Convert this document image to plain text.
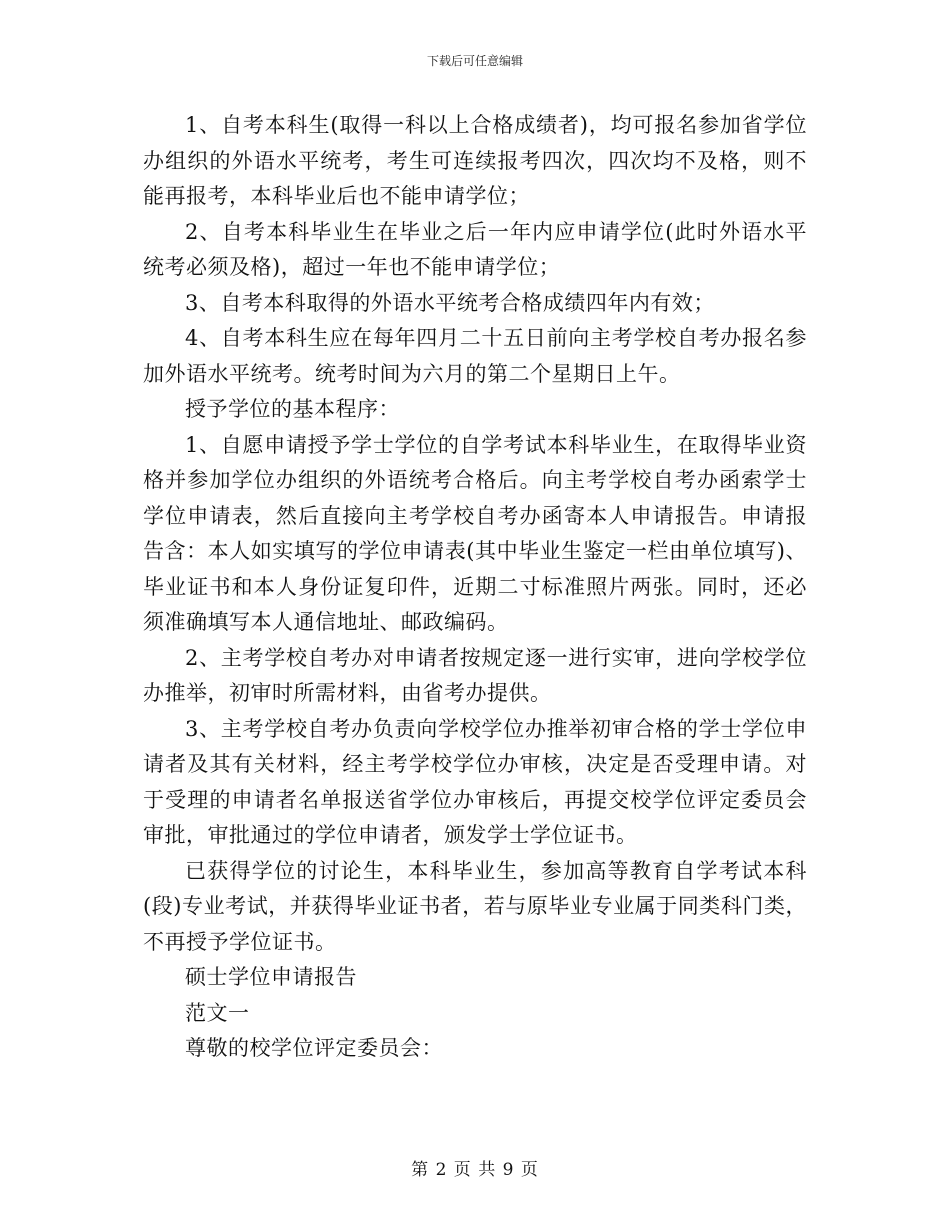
下载后可任意编辑

1、自考本科生(取得一科以上合格成绩者)，均可报名参加省学位办组织的外语水平统考，考生可连续报考四次，四次均不及格，则不能再报考，本科毕业后也不能申请学位；

2、自考本科毕业生在毕业之后一年内应申请学位(此时外语水平统考必须及格)，超过一年也不能申请学位；

3、自考本科取得的外语水平统考合格成绩四年内有效；

4、自考本科生应在每年四月二十五日前向主考学校自考办报名参加外语水平统考。统考时间为六月的第二个星期日上午。

授予学位的基本程序：

1、自愿申请授予学士学位的自学考试本科毕业生，在取得毕业资格并参加学位办组织的外语统考合格后。向主考学校自考办函索学士学位申请表，然后直接向主考学校自考办函寄本人申请报告。申请报告含：本人如实填写的学位申请表(其中毕业生鉴定一栏由单位填写)、毕业证书和本人身份证复印件，近期二寸标准照片两张。同时，还必须准确填写本人通信地址、邮政编码。

2、主考学校自考办对申请者按规定逐一进行实审，进向学校学位办推举，初审时所需材料，由省考办提供。

3、主考学校自考办负责向学校学位办推举初审合格的学士学位申请者及其有关材料，经主考学校学位办审核，决定是否受理申请。对于受理的申请者名单报送省学位办审核后，再提交校学位评定委员会审批，审批通过的学位申请者，颁发学士学位证书。

已获得学位的讨论生，本科毕业生，参加高等教育自学考试本科(段)专业考试，并获得毕业证书者，若与原毕业专业属于同类科门类，不再授予学位证书。

硕士学位申请报告

范文一

尊敬的校学位评定委员会：

第 2 页 共 9 页
